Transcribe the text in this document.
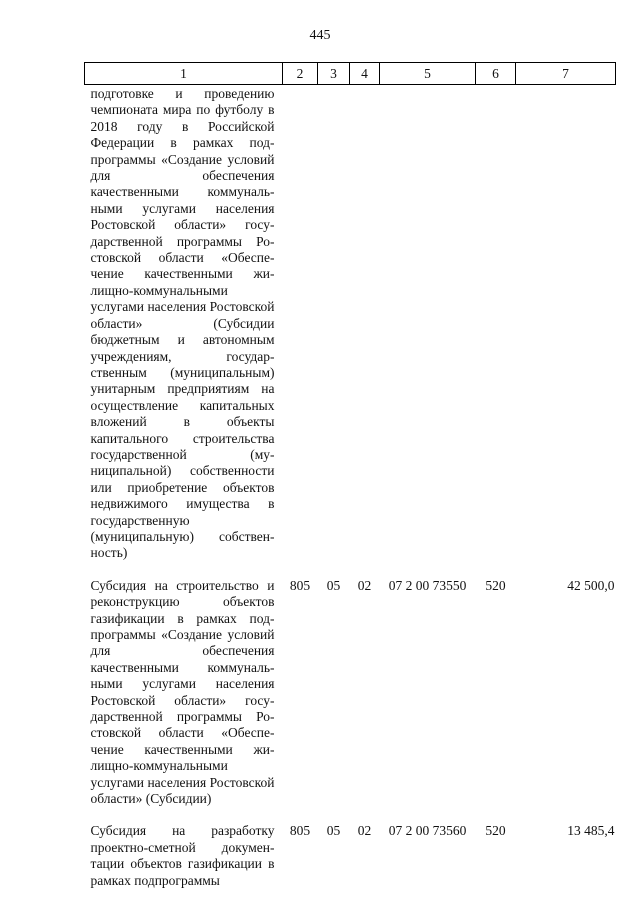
445
1	2	3	4	5	6	7
подготовке и проведению чемпионата мира по футболу в 2018 году в Российской Федерации в рамках подпрограммы «Создание условий для обеспечения качественными коммунальными услугами населения Ростовской области» государственной программы Ростовской области «Обеспечение качественными жилищно-коммунальными услугами населения Ростовской области» (Субсидии бюджетным и автономным учреждениям, государственным (муниципальным) унитарным предприятиям на осуществление капитальных вложений в объекты капитального строительства государственной (муниципальной) собственности или приобретение объектов недвижимого имущества в государственную (муниципальную) собственность)						
Субсидия на строительство и реконструкцию объектов газификации в рамках подпрограммы «Создание условий для обеспечения качественными коммунальными услугами населения Ростовской области» государственной программы Ростовской области «Обеспечение качественными жилищно-коммунальными услугами населения Ростовской области» (Субсидии)	805	05	02	07 2 00 73550	520	42 500,0
Субсидия на разработку проектно-сметной документации объектов газификации в рамках подпрограммы	805	05	02	07 2 00 73560	520	13 485,4
